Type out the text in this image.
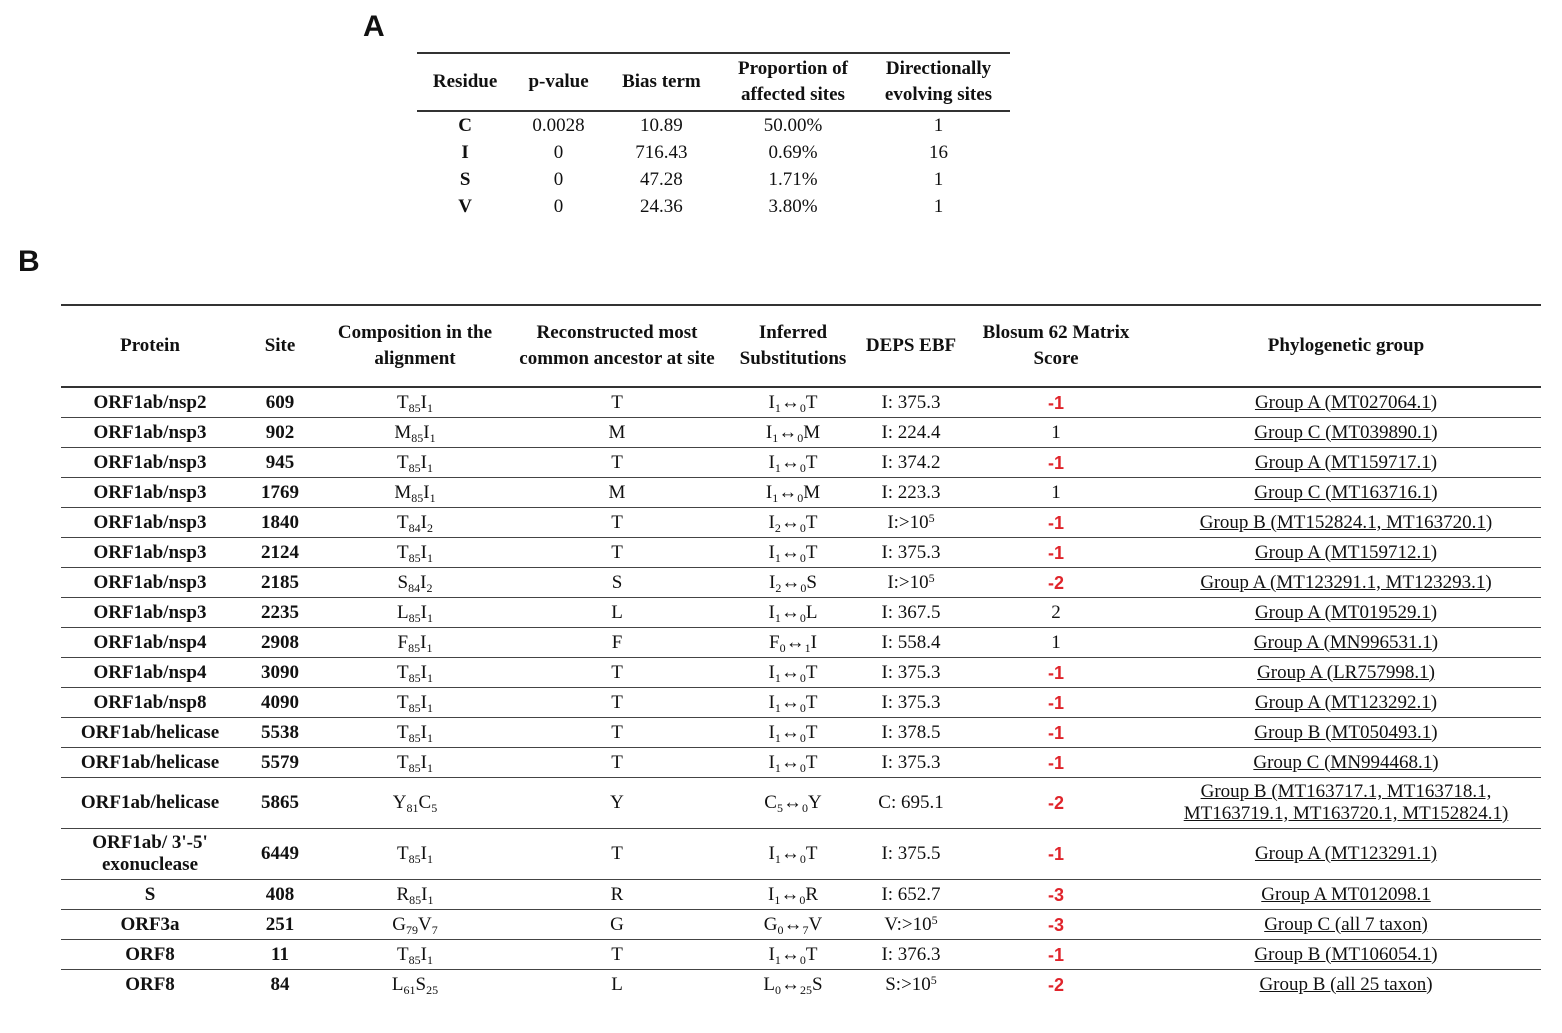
A
Residue	p-value	Bias term	Proportion of affected sites	Directionally evolving sites
C	0.0028	10.89	50.00%	1
I	0	716.43	0.69%	16
S	0	47.28	1.71%	1
V	0	24.36	3.80%	1
B
Protein	Site	Composition in the alignment	Reconstructed most common ancestor at site	Inferred Substitutions	DEPS EBF	Blosum 62 Matrix Score	Phylogenetic group
ORF1ab/nsp2	609	$T_{85}I_1$	T	$I_1\leftrightarrow_0T$	I: 375.3	-1	Group A (MT027064.1)
ORF1ab/nsp3	902	$M_{85}I_1$	M	$I_1\leftrightarrow_0M$	I: 224.4	1	Group C (MT039890.1)
ORF1ab/nsp3	945	$T_{85}I_1$	T	$I_1\leftrightarrow_0T$	I: 374.2	-1	Group A (MT159717.1)
ORF1ab/nsp3	1769	$M_{85}I_1$	M	$I_1\leftrightarrow_0M$	I: 223.3	1	Group C (MT163716.1)
ORF1ab/nsp3	1840	$T_{84}I_2$	T	$I_2\leftrightarrow_0T$	$I:>10^5$	-1	Group B (MT152824.1, MT163720.1)
ORF1ab/nsp3	2124	$T_{85}I_1$	T	$I_1\leftrightarrow_0T$	I: 375.3	-1	Group A (MT159712.1)
ORF1ab/nsp3	2185	$S_{84}I_2$	S	$I_2\leftrightarrow_0S$	$I:>10^5$	-2	Group A (MT123291.1, MT123293.1)
ORF1ab/nsp3	2235	$L_{85}I_1$	L	$I_1\leftrightarrow_0L$	I: 367.5	2	Group A (MT019529.1)
ORF1ab/nsp4	2908	$F_{85}I_1$	F	$F_0\leftrightarrow_1I$	I: 558.4	1	Group A (MN996531.1)
ORF1ab/nsp4	3090	$T_{85}I_1$	T	$I_1\leftrightarrow_0T$	I: 375.3	-1	Group A (LR757998.1)
ORF1ab/nsp8	4090	$T_{85}I_1$	T	$I_1\leftrightarrow_0T$	I: 375.3	-1	Group A (MT123292.1)
ORF1ab/helicase	5538	$T_{85}I_1$	T	$I_1\leftrightarrow_0T$	I: 378.5	-1	Group B (MT050493.1)
ORF1ab/helicase	5579	$T_{85}I_1$	T	$I_1\leftrightarrow_0T$	I: 375.3	-1	Group C (MN994468.1)
ORF1ab/helicase	5865	$Y_{81}C_5$	Y	$C_5\leftrightarrow_0Y$	C: 695.1	-2	Group B (MT163717.1, MT163718.1, MT163719.1, MT163720.1, MT152824.1)
ORF1ab/ 3'-5' exonuclease	6449	$T_{85}I_1$	T	$I_1\leftrightarrow_0T$	I: 375.5	-1	Group A (MT123291.1)
S	408	$R_{85}I_1$	R	$I_1\leftrightarrow_0R$	I: 652.7	-3	Group A MT012098.1
ORF3a	251	$G_{79}V_7$	G	$G_0\leftrightarrow_7V$	$V:>10^5$	-3	Group C (all 7 taxon)
ORF8	11	$T_{85}I_1$	T	$I_1\leftrightarrow_0T$	I: 376.3	-1	Group B (MT106054.1)
ORF8	84	$L_{61}S_{25}$	L	$L_0\leftrightarrow_{25}S$	$S:>10^5$	-2	Group B (all 25 taxon)
